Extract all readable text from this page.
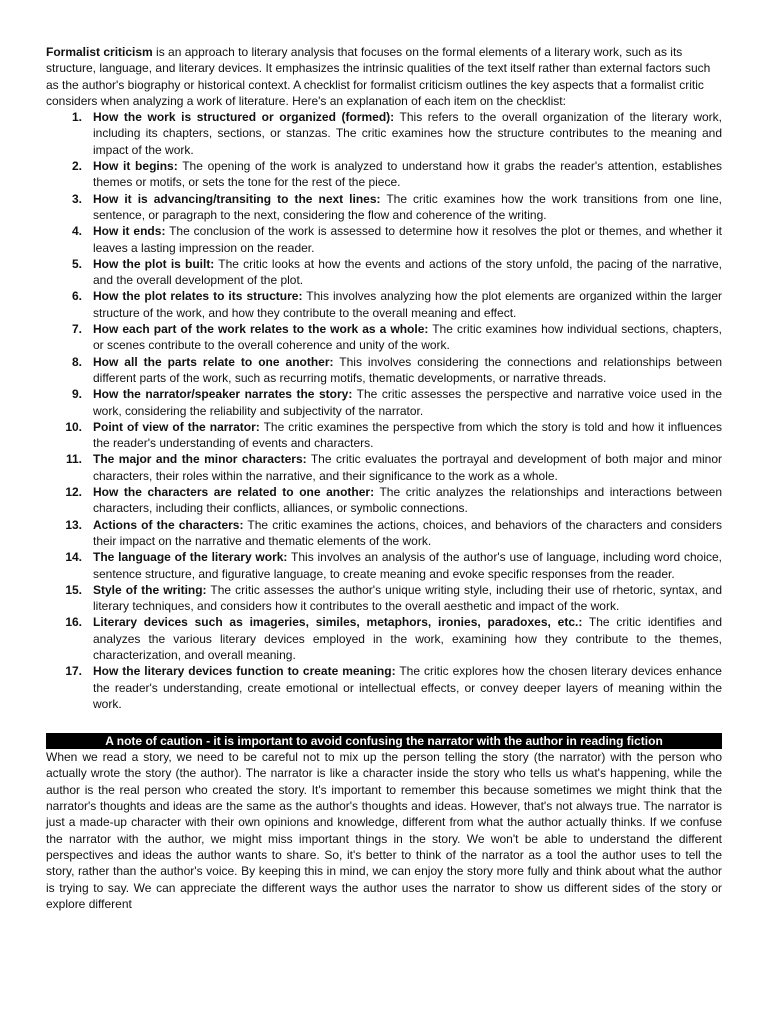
Formalist criticism is an approach to literary analysis that focuses on the formal elements of a literary work, such as its structure, language, and literary devices. It emphasizes the intrinsic qualities of the text itself rather than external factors such as the author's biography or historical context. A checklist for formalist criticism outlines the key aspects that a formalist critic considers when analyzing a work of literature. Here's an explanation of each item on the checklist:

1. How the work is structured or organized (formed): This refers to the overall organization of the literary work, including its chapters, sections, or stanzas. The critic examines how the structure contributes to the meaning and impact of the work.
2. How it begins: The opening of the work is analyzed to understand how it grabs the reader's attention, establishes themes or motifs, or sets the tone for the rest of the piece.
3. How it is advancing/transiting to the next lines: The critic examines how the work transitions from one line, sentence, or paragraph to the next, considering the flow and coherence of the writing.
4. How it ends: The conclusion of the work is assessed to determine how it resolves the plot or themes, and whether it leaves a lasting impression on the reader.
5. How the plot is built: The critic looks at how the events and actions of the story unfold, the pacing of the narrative, and the overall development of the plot.
6. How the plot relates to its structure: This involves analyzing how the plot elements are organized within the larger structure of the work, and how they contribute to the overall meaning and effect.
7. How each part of the work relates to the work as a whole: The critic examines how individual sections, chapters, or scenes contribute to the overall coherence and unity of the work.
8. How all the parts relate to one another: This involves considering the connections and relationships between different parts of the work, such as recurring motifs, thematic developments, or narrative threads.
9. How the narrator/speaker narrates the story: The critic assesses the perspective and narrative voice used in the work, considering the reliability and subjectivity of the narrator.
10. Point of view of the narrator: The critic examines the perspective from which the story is told and how it influences the reader's understanding of events and characters.
11. The major and the minor characters: The critic evaluates the portrayal and development of both major and minor characters, their roles within the narrative, and their significance to the work as a whole.
12. How the characters are related to one another: The critic analyzes the relationships and interactions between characters, including their conflicts, alliances, or symbolic connections.
13. Actions of the characters: The critic examines the actions, choices, and behaviors of the characters and considers their impact on the narrative and thematic elements of the work.
14. The language of the literary work: This involves an analysis of the author's use of language, including word choice, sentence structure, and figurative language, to create meaning and evoke specific responses from the reader.
15. Style of the writing: The critic assesses the author's unique writing style, including their use of rhetoric, syntax, and literary techniques, and considers how it contributes to the overall aesthetic and impact of the work.
16. Literary devices such as imageries, similes, metaphors, ironies, paradoxes, etc.: The critic identifies and analyzes the various literary devices employed in the work, examining how they contribute to the themes, characterization, and overall meaning.
17. How the literary devices function to create meaning: The critic explores how the chosen literary devices enhance the reader's understanding, create emotional or intellectual effects, or convey deeper layers of meaning within the work.
A note of caution - it is important to avoid confusing the narrator with the author in reading fiction

When we read a story, we need to be careful not to mix up the person telling the story (the narrator) with the person who actually wrote the story (the author). The narrator is like a character inside the story who tells us what's happening, while the author is the real person who created the story. It's important to remember this because sometimes we might think that the narrator's thoughts and ideas are the same as the author's thoughts and ideas. However, that's not always true. The narrator is just a made-up character with their own opinions and knowledge, different from what the author actually thinks. If we confuse the narrator with the author, we might miss important things in the story. We won't be able to understand the different perspectives and ideas the author wants to share. So, it's better to think of the narrator as a tool the author uses to tell the story, rather than the author's voice. By keeping this in mind, we can enjoy the story more fully and think about what the author is trying to say. We can appreciate the different ways the author uses the narrator to show us different sides of the story or explore different
